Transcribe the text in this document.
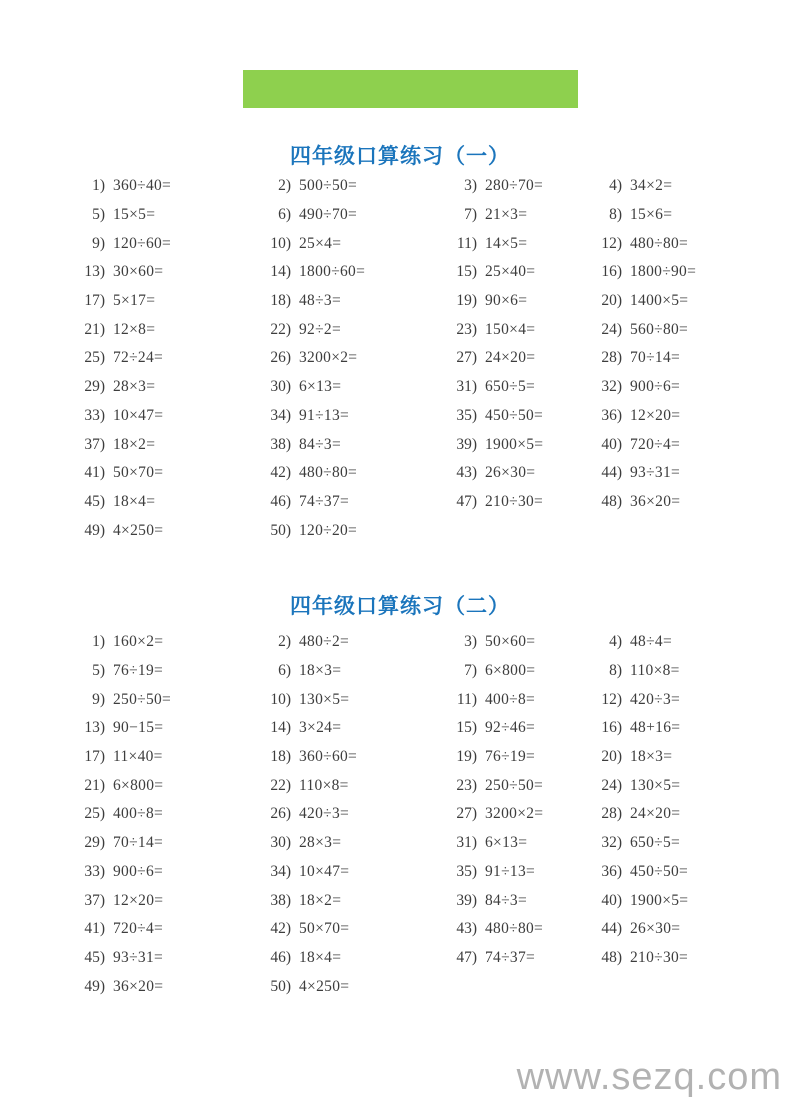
四年级口算练习（一）
1) 360÷40=	2) 500÷50=	3) 280÷70=	4) 34×2=
5) 15×5=	6) 490÷70=	7) 21×3=	8) 15×6=
9) 120÷60=	10) 25×4=	11) 14×5=	12) 480÷80=
13) 30×60=	14) 1800÷60=	15) 25×40=	16) 1800÷90=
17) 5×17=	18) 48÷3=	19) 90×6=	20) 1400×5=
21) 12×8=	22) 92÷2=	23) 150×4=	24) 560÷80=
25) 72÷24=	26) 3200×2=	27) 24×20=	28) 70÷14=
29) 28×3=	30) 6×13=	31) 650÷5=	32) 900÷6=
33) 10×47=	34) 91÷13=	35) 450÷50=	36) 12×20=
37) 18×2=	38) 84÷3=	39) 1900×5=	40) 720÷4=
41) 50×70=	42) 480÷80=	43) 26×30=	44) 93÷31=
45) 18×4=	46) 74÷37=	47) 210÷30=	48) 36×20=
49) 4×250=	50) 120÷20=
四年级口算练习（二）
1) 160×2=	2) 480÷2=	3) 50×60=	4) 48÷4=
5) 76÷19=	6) 18×3=	7) 6×800=	8) 110×8=
9) 250÷50=	10) 130×5=	11) 400÷8=	12) 420÷3=
13) 90−15=	14) 3×24=	15) 92÷46=	16) 48+16=
17) 11×40=	18) 360÷60=	19) 76÷19=	20) 18×3=
21) 6×800=	22) 110×8=	23) 250÷50=	24) 130×5=
25) 400÷8=	26) 420÷3=	27) 3200×2=	28) 24×20=
29) 70÷14=	30) 28×3=	31) 6×13=	32) 650÷5=
33) 900÷6=	34) 10×47=	35) 91÷13=	36) 450÷50=
37) 12×20=	38) 18×2=	39) 84÷3=	40) 1900×5=
41) 720÷4=	42) 50×70=	43) 480÷80=	44) 26×30=
45) 93÷31=	46) 18×4=	47) 74÷37=	48) 210÷30=
49) 36×20=	50) 4×250=
www.sezq.com
